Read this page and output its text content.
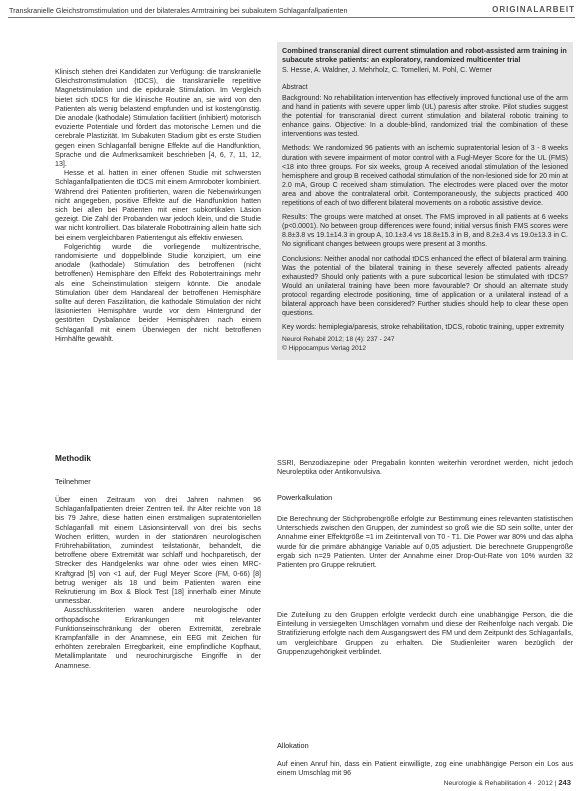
Transkranielle Gleichstromstimulation und der bilaterales Armtraining bei subakutem Schlaganfallpatienten	ORIGINALARBEIT

Klinisch stehen drei Kandidaten zur Verfügung: die transkranielle Gleichstromstimulation (tDCS), die transkranielle repetitive Magnetstimulation und die epidurale Stimulation. Im Vergleich bietet sich tDCS für die klinische Routine an, sie wird von den Patienten als wenig belastend empfunden und ist kostengünstig. Die anodale (kathodale) Stimulation facilitiert (inhibiert) motorisch evozierte Potentiale und fördert das motorische Lernen und die cerebrale Plastizität. Im Subakuten Stadium gibt es erste Studien gegen einen Schlaganfall benigne Effekte auf die Handfunktion, Sprache und die Aufmerksamkeit beschrieben [4, 6, 7, 11, 12, 13].

Hesse et al. hatten in einer offenen Studie mit schwersten Schlaganfallpatienten die tDCS mit einem Armroboter kombiniert. Während drei Patienten profitierten, waren die Nebenwirkungen nicht angegeben, positive Effekte auf die Handfunktion hatten sich bei allen bei Patienten mit einer subkortikalen Läsion gezeigt. Die Zahl der Probanden war jedoch klein, und die Studie war nicht kontrolliert. Das bilaterale Robottraining allein hatte sich bei einem vergleichbaren Patientengut als effektiv erwiesen.

Folgerichtig wurde die vorliegende multizentrische, randomisierte und doppelblinde Studie konzipiert, um eine anodale (kathodale) Stimulation des betroffenen (nicht betroffenen) Hemisphäre den Effekt des Robotertrainings mehr als eine Scheinstimulation steigern könnte. Die anodale Stimulation über dem Handareal der betroffenen Hemisphäre sollte auf deren Faszilitation, die kathodale Stimulation der nicht läsionierten Hemisphäre wurde vor dem Hintergrund der gestörten Dysbalance beider Hemisphären nach einem Schlaganfall mit einem Überwiegen der nicht betroffenen Hirnhälfte gewählt.

Combined transcranial direct current stimulation and robot-assisted arm training in subacute stroke patients: an exploratory, randomized multicenter trial
S. Hesse, A. Waldner, J. Mehrholz, C. Tomelleri, M. Pohl, C. Werner
Abstract

Background: No rehabilitation intervention has effectively improved functional use of the arm and hand in patients with severe upper limb (UL) paresis after stroke. Pilot studies suggest the potential for transcranial direct current stimulation and bilateral robotic training to enhance gains. Objective: In a double-blind, randomized trial the combination of these interventions was tested.

Methods: We randomized 96 patients with an ischemic supratentorial lesion of 3 - 8 weeks duration with severe impairment of motor control with a Fugl-Meyer Score for the UL (FMS) <18 into three groups. For six weeks, group A received anodal stimulation of the lesioned hemisphere and group B received cathodal stimulation of the non-lesioned side for 20 min at 2.0 mA, Group C received sham stimulation. The electrodes were placed over the motor area and above the contralateral orbit. Contemporaneously, the subjects practiced 400 repetitions of each of two different bilateral movements on a robotic assistive device.

Results: The groups were matched at onset. The FMS improved in all patients at 6 weeks (p<0.0001). No between group differences were found; initial versus finish FMS scores were 8.8±3.8 vs 19.1±14.3 in group A, 10.1±3.4 vs 18.8±15.3 in B, and 8.2±3.4 vs 19.0±13.3 in C. No significant changes between groups were present at 3 months.

Conclusions: Neither anodal nor cathodal tDCS enhanced the effect of bilateral arm training. Was the potential of the bilateral training in these severely affected patients already exhausted? Should only patients with a pure subcortical lesion be stimulated with tDCS? Would an unilateral training have been more favourable? Or should an alternate study protocol regarding electrode positioning, time of application or a unilateral instead of a bilateral approach have been considered? Further studies should help to clear these open questions.

Key words: hemiplegia/paresis, stroke rehabilitation, tDCS, robotic training, upper extremity
Neurol Rehabil 2012; 18 (4): 237 - 247
© Hippocampus Verlag 2012
Methodik
Teilnehmer

Über einen Zeitraum von drei Jahren nahmen 96 Schlaganfallpatienten dreier Zentren teil. Ihr Alter reichte von 18 bis 79 Jahre, diese hatten einen erstmaligen supratentoriellen Schlaganfall mit einem Läsionsintervall von drei bis sechs Wochen erlitten, wurden in der stationären neurologischen Frührehabilitation, zumindest teilstationär, behandelt, die betroffene obere Extremität war schlaff und hochparetisch, der Strecker des Handgelenks war ohne oder wies einen MRC-Kraftgrad [5] von <1 auf, der Fugl Meyer Score (FM, 0-66) [8] betrug weniger als 18 und beim Patienten waren eine Rekrutierung im Box & Block Test [18] innerhalb einer Minute unmessbar.

Ausschlusskriterien waren andere neurologische oder orthopädische Erkrankungen mit relevanter Funktionseinschränkung der oberen Extremität, zerebrale Krampfanfälle in der Anamnese, ein EEG mit Zeichen für erhöhten zerebralen Erregbarkeit, eine empfindliche Kopfhaut, Metallimplantate und neurochirurgische Eingriffe in der Anamnese.

SSRI, Benzodiazepine oder Pregabalin konnten weiterhin verordnet werden, nicht jedoch Neuroleptika oder Antikonvulsiva.

Powerkalkulation

Die Berechnung der Stichprobengröße erfolgte zur Bestimmung eines relevanten statistischen Unterschieds zwischen den Gruppen, der zumindest so groß wie die SD sein sollte, unter der Annahme einer Effektgröße =1 im Zeitintervall von T0 - T1. Die Power war 80% und das alpha wurde für die primäre abhängige Variable auf 0,05 adjustiert. Die berechnete Gruppengröße ergab sich n=29 Patienten. Unter der Annahme einer Drop-Out-Rate von 10% wurden 32 Patienten pro Gruppe rekrutiert.

Die Zuteilung zu den Gruppen erfolgte verdeckt durch eine unabhängige Person, die die Einteilung in versiegelten Umschlägen vornahm und diese der Reihenfolge nach vergab. Die Stratifizierung erfolgte nach dem Ausgangswert des FM und dem Zeitpunkt des Schlaganfalls, um vergleichbare Gruppen zu erhalten. Die Studienleiter waren bezüglich der Gruppenzugehörigkeit verblindet.

Allokation

Auf einen Anruf hin, dass ein Patient einwilligte, zog eine unabhängige Person ein Los aus einem Umschlag mit 96

Neurologie & Rehabilitation 4 · 2012 | 243
